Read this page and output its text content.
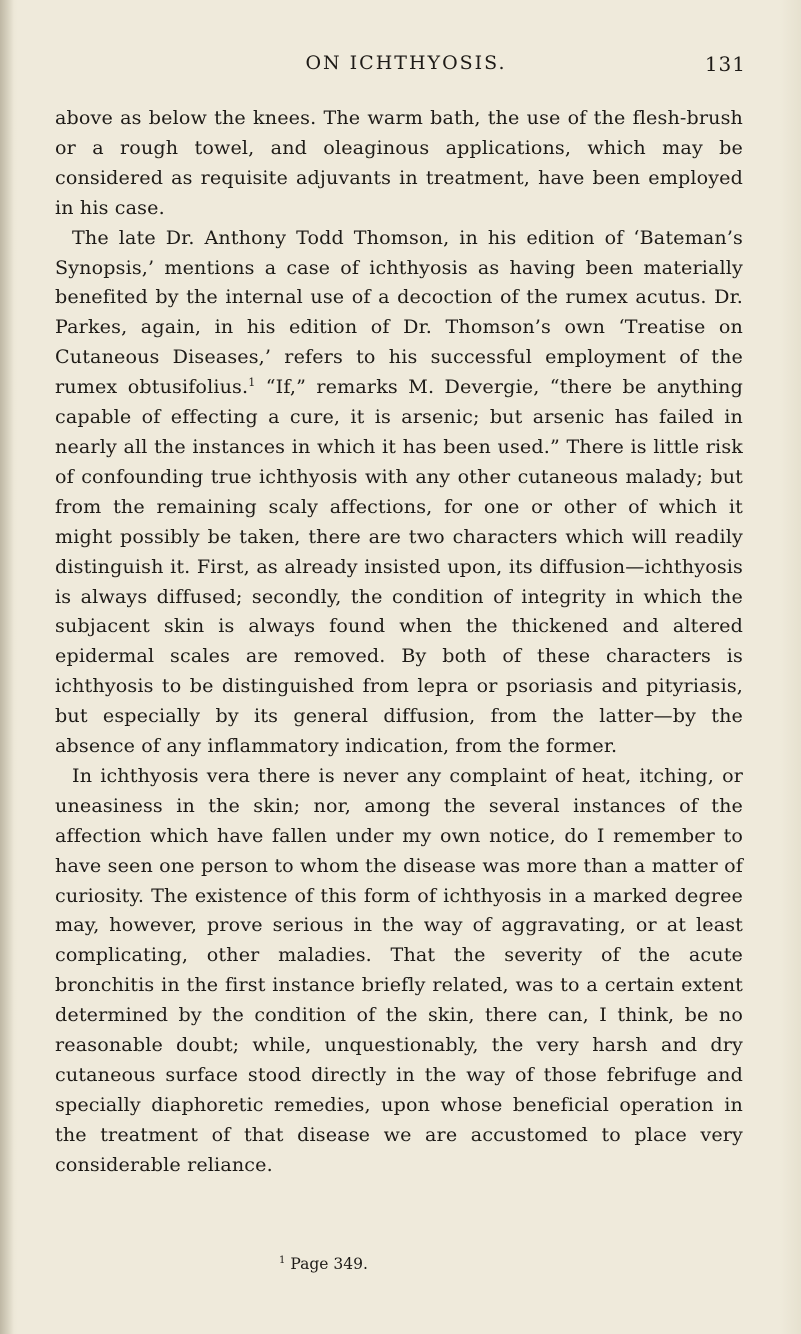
ON ICHTHYOSIS.	131

above as below the knees. The warm bath, the use of the flesh-brush or a rough towel, and oleaginous applications, which may be considered as requisite adjuvants in treatment, have been employed in his case.

The late Dr. Anthony Todd Thomson, in his edition of ‘Bateman’s Synopsis,’ mentions a case of ichthyosis as having been materially benefited by the internal use of a decoction of the rumex acutus. Dr. Parkes, again, in his edition of Dr. Thomson’s own ‘Treatise on Cutaneous Diseases,’ refers to his successful employment of the rumex obtusifolius.$^1$ “If,” remarks M. Devergie, “there be anything capable of effecting a cure, it is arsenic; but arsenic has failed in nearly all the instances in which it has been used.” There is little risk of confounding true ichthyosis with any other cutaneous malady; but from the remaining scaly affections, for one or other of which it might possibly be taken, there are two characters which will readily distinguish it. First, as already insisted upon, its diffusion—ichthyosis is always diffused; secondly, the condition of integrity in which the subjacent skin is always found when the thickened and altered epidermal scales are removed. By both of these characters is ichthyosis to be distinguished from lepra or psoriasis and pityriasis, but especially by its general diffusion, from the latter—by the absence of any inflammatory indication, from the former.

In ichthyosis vera there is never any complaint of heat, itching, or uneasiness in the skin; nor, among the several instances of the affection which have fallen under my own notice, do I remember to have seen one person to whom the disease was more than a matter of curiosity. The existence of this form of ichthyosis in a marked degree may, however, prove serious in the way of aggravating, or at least complicating, other maladies. That the severity of the acute bronchitis in the first instance briefly related, was to a certain extent determined by the condition of the skin, there can, I think, be no reasonable doubt; while, unquestionably, the very harsh and dry cutaneous surface stood directly in the way of those febrifuge and specially diaphoretic remedies, upon whose beneficial operation in the treatment of that disease we are accustomed to place very considerable reliance.

$^1$ Page 349.
